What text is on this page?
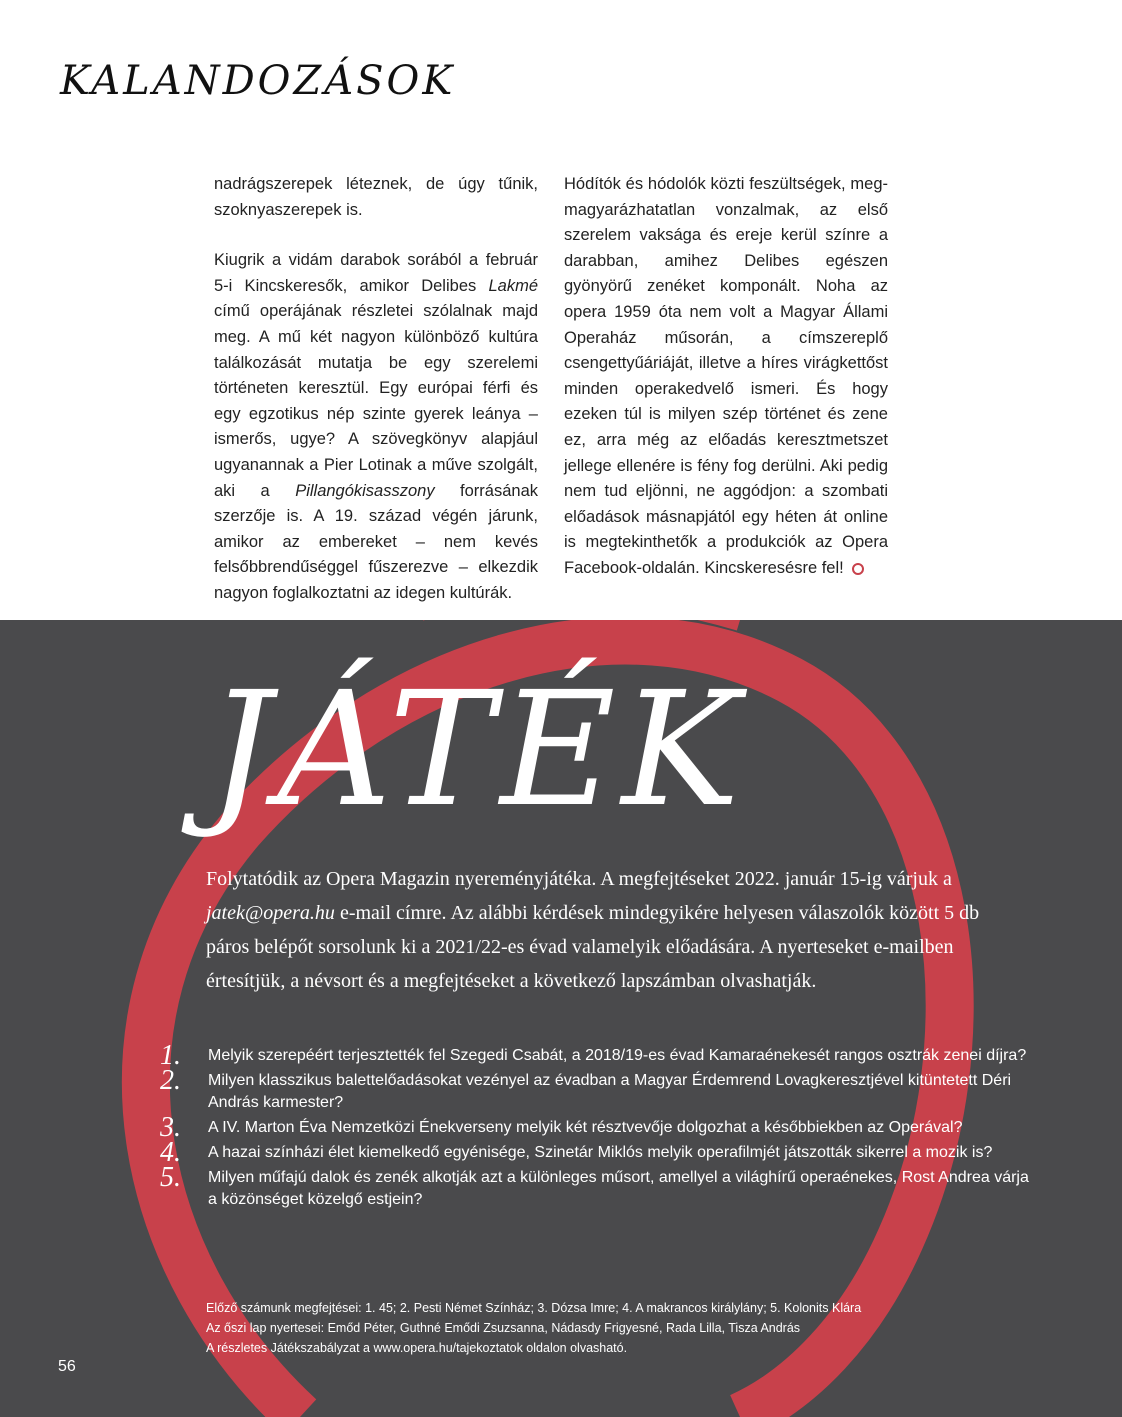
KALANDOZÁSOK

nadrágszerepek léteznek, de úgy tűnik, szoknyaszerepek is.

Kiugrik a vidám darabok sorából a február 5-i Kincskeresők, amikor Delibes Lakmé című operájának részletei szólalnak majd meg. A mű két nagyon különböző kultúra találkozását mutatja be egy szerelemi történeten keresztül. Egy európai férfi és egy egzotikus nép szinte gyerek leánya – ismerős, ugye? A szövegkönyv alapjául ugyanannak a Pier Lotinak a műve szolgált, aki a Pillangókisasszony forrásának szerzője is. A 19. század végén járunk, amikor az embereket – nem kevés felsőbbrendűséggel fűszerezve – elkezdik nagyon foglalkoztatni az idegen kultúrák.

Hódítók és hódolók közti feszültségek, megmagyarázhatatlan vonzalmak, az első szerelem vaksága és ereje kerül színre a darabban, amihez Delibes egészen gyönyörű zenéket komponált. Noha az opera 1959 óta nem volt a Magyar Állami Operaház műsorán, a címszereplő csengettyűáriáját, illetve a híres virágkettőst minden operakedvelő ismeri. És hogy ezeken túl is milyen szép történet és zene ez, arra még az előadás keresztmetszet jellege ellenére is fény fog derülni. Aki pedig nem tud eljönni, ne aggódjon: a szombati előadások másnapjától egy héten át online is megtekinthetők a produkciók az Opera Facebook-oldalán. Kincskeresésre fel!

JÁTÉK

Folytatódik az Opera Magazin nyereményjátéka. A megfejtéseket 2022. január 15-ig várjuk a jatek@opera.hu e-mail címre. Az alábbi kérdések mindegyikére helyesen válaszolók között 5 db páros belépőt sorsolunk ki a 2021/22-es évad valamelyik előadására. A nyerteseket e-mailben értesítjük, a névsort és a megfejtéseket a következő lapszámban olvashatják.

1.	Melyik szerepéért terjesztették fel Szegedi Csabát, a 2018/19-es évad Kamaraénekesét rangos osztrák zenei díjra?
2.	Milyen klasszikus balettelőadásokat vezényel az évadban a Magyar Érdemrend Lovagkeresztjével kitüntetett Déri András karmester?
3.	A IV. Marton Éva Nemzetközi Énekverseny melyik két résztvevője dolgozhat a későbbiekben az Operával?
4.	A hazai színházi élet kiemelkedő egyénisége, Szinetár Miklós melyik operafilmjét játszották sikerrel a mozik is?
5.	Milyen műfajú dalok és zenék alkotják azt a különleges műsort, amellyel a világhírű operaénekes, Rost Andrea várja a közönséget közelgő estjein?
Előző számunk megfejtései: 1. 45; 2. Pesti Német Színház; 3. Dózsa Imre; 4. A makrancos királylány; 5. Kolonits Klára
Az őszi lap nyertesei: Emőd Péter, Guthné Emődi Zsuzsanna, Nádasdy Frigyesné, Rada Lilla, Tisza András
A részletes Játékszabályzat a www.opera.hu/tajekoztatok oldalon olvasható.
56
